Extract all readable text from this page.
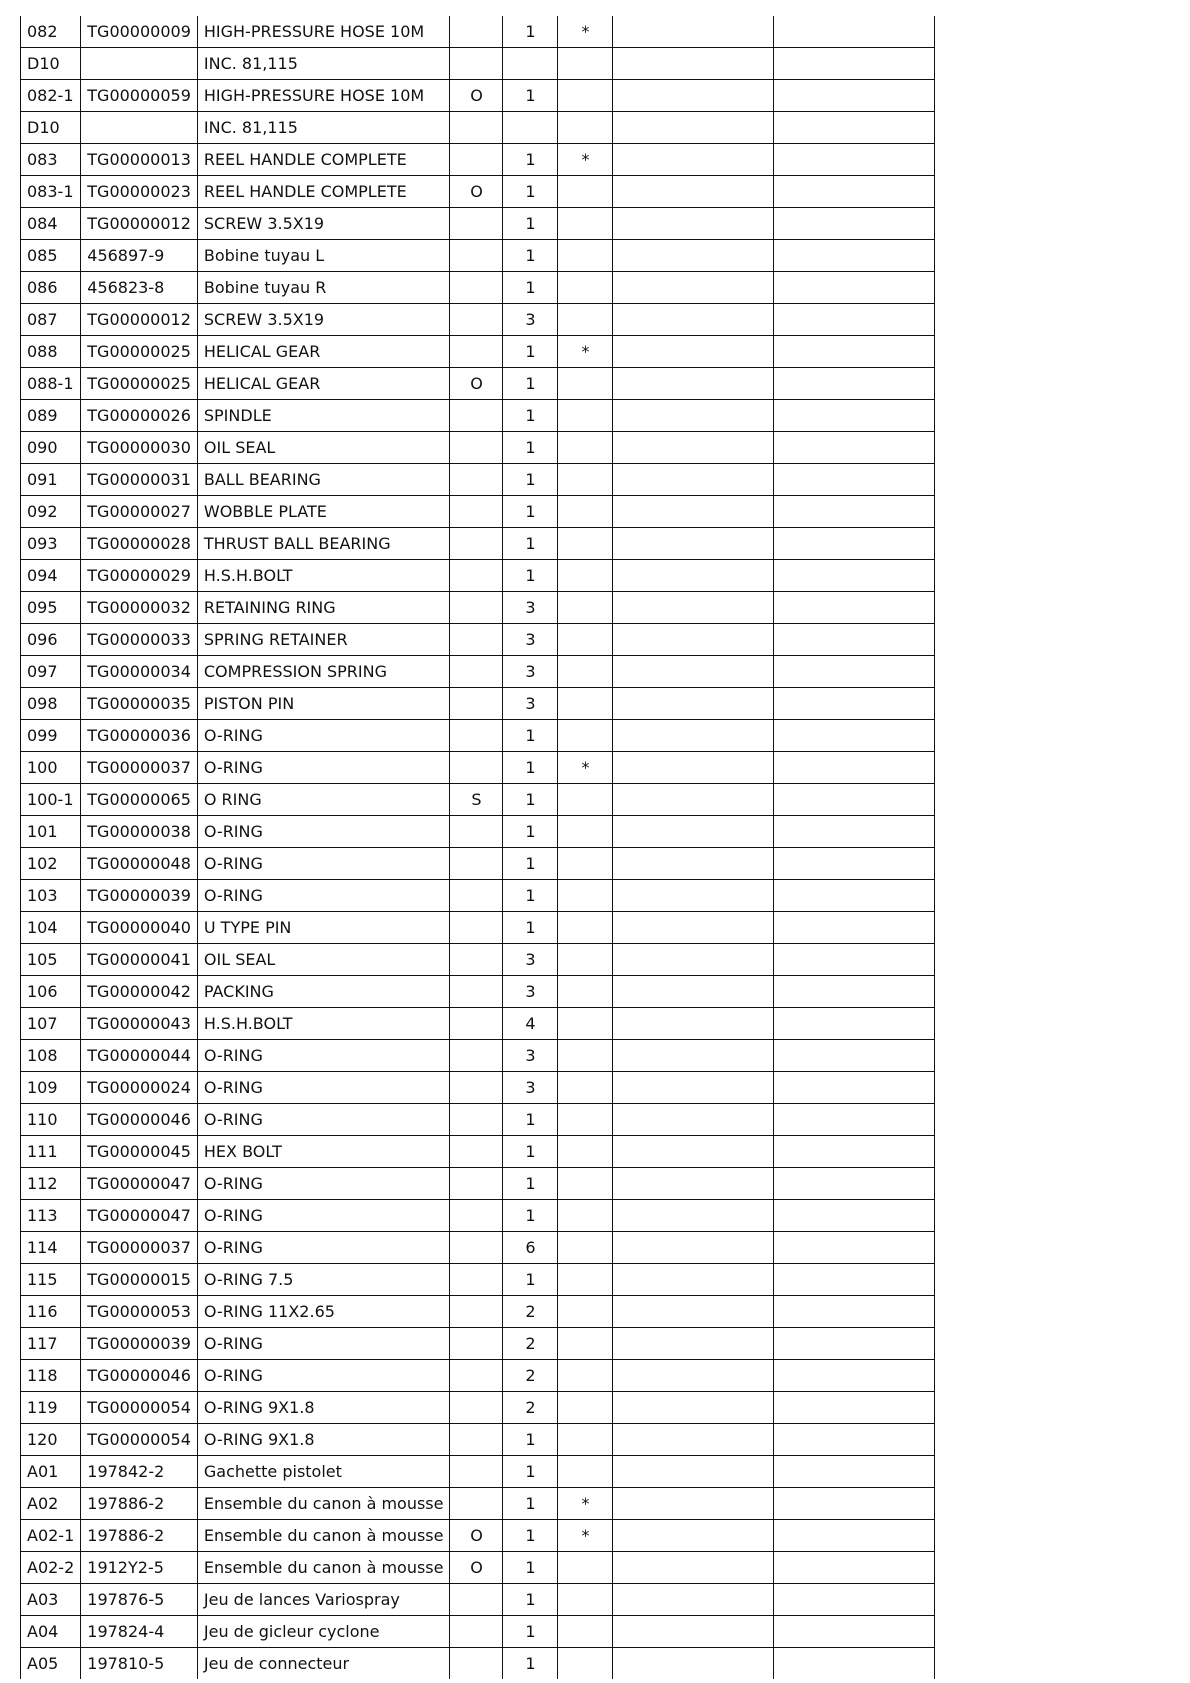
082	TG00000009	HIGH-PRESSURE HOSE 10M		1	*		
D10		INC. 81,115					
082-1	TG00000059	HIGH-PRESSURE HOSE 10M	O	1			
D10		INC. 81,115					
083	TG00000013	REEL HANDLE COMPLETE		1	*		
083-1	TG00000023	REEL HANDLE COMPLETE	O	1			
084	TG00000012	SCREW 3.5X19		1			
085	456897-9	Bobine tuyau L		1			
086	456823-8	Bobine tuyau R		1			
087	TG00000012	SCREW 3.5X19		3			
088	TG00000025	HELICAL GEAR		1	*		
088-1	TG00000025	HELICAL GEAR	O	1			
089	TG00000026	SPINDLE		1			
090	TG00000030	OIL SEAL		1			
091	TG00000031	BALL BEARING		1			
092	TG00000027	WOBBLE PLATE		1			
093	TG00000028	THRUST BALL BEARING		1			
094	TG00000029	H.S.H.BOLT		1			
095	TG00000032	RETAINING RING		3			
096	TG00000033	SPRING RETAINER		3			
097	TG00000034	COMPRESSION SPRING		3			
098	TG00000035	PISTON PIN		3			
099	TG00000036	O-RING		1			
100	TG00000037	O-RING		1	*		
100-1	TG00000065	O RING	S	1			
101	TG00000038	O-RING		1			
102	TG00000048	O-RING		1			
103	TG00000039	O-RING		1			
104	TG00000040	U TYPE PIN		1			
105	TG00000041	OIL SEAL		3			
106	TG00000042	PACKING		3			
107	TG00000043	H.S.H.BOLT		4			
108	TG00000044	O-RING		3			
109	TG00000024	O-RING		3			
110	TG00000046	O-RING		1			
111	TG00000045	HEX BOLT		1			
112	TG00000047	O-RING		1			
113	TG00000047	O-RING		1			
114	TG00000037	O-RING		6			
115	TG00000015	O-RING 7.5		1			
116	TG00000053	O-RING 11X2.65		2			
117	TG00000039	O-RING		2			
118	TG00000046	O-RING		2			
119	TG00000054	O-RING 9X1.8		2			
120	TG00000054	O-RING 9X1.8		1			
A01	197842-2	Gachette pistolet		1			
A02	197886-2	Ensemble du canon à mousse		1	*		
A02-1	197886-2	Ensemble du canon à mousse	O	1	*		
A02-2	1912Y2-5	Ensemble du canon à mousse	O	1			
A03	197876-5	Jeu de lances Variospray		1			
A04	197824-4	Jeu de gicleur cyclone		1			
A05	197810-5	Jeu de connecteur		1			
